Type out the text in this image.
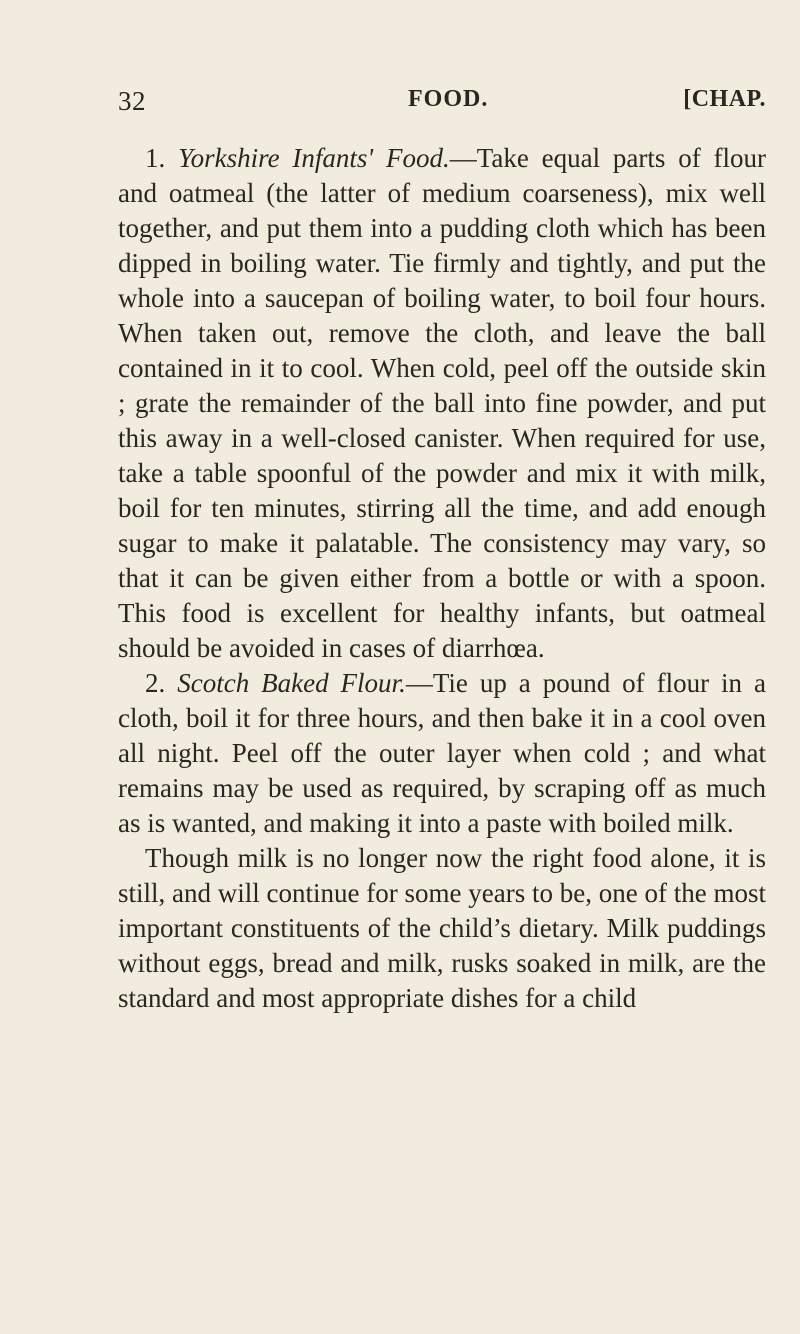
32	FOOD.	[CHAP.

1. Yorkshire Infants' Food.—Take equal parts of flour and oatmeal (the latter of medium coarseness), mix well together, and put them into a pudding cloth which has been dipped in boiling water. Tie firmly and tightly, and put the whole into a saucepan of boiling water, to boil four hours. When taken out, remove the cloth, and leave the ball contained in it to cool. When cold, peel off the outside skin ; grate the remainder of the ball into fine powder, and put this away in a well-closed canister. When required for use, take a table spoonful of the powder and mix it with milk, boil for ten minutes, stirring all the time, and add enough sugar to make it palatable. The consistency may vary, so that it can be given either from a bottle or with a spoon. This food is excellent for healthy infants, but oatmeal should be avoided in cases of diarrhœa.

2. Scotch Baked Flour.—Tie up a pound of flour in a cloth, boil it for three hours, and then bake it in a cool oven all night. Peel off the outer layer when cold ; and what remains may be used as required, by scraping off as much as is wanted, and making it into a paste with boiled milk.

Though milk is no longer now the right food alone, it is still, and will continue for some years to be, one of the most important constituents of the child’s dietary. Milk puddings without eggs, bread and milk, rusks soaked in milk, are the standard and most appropriate dishes for a child
